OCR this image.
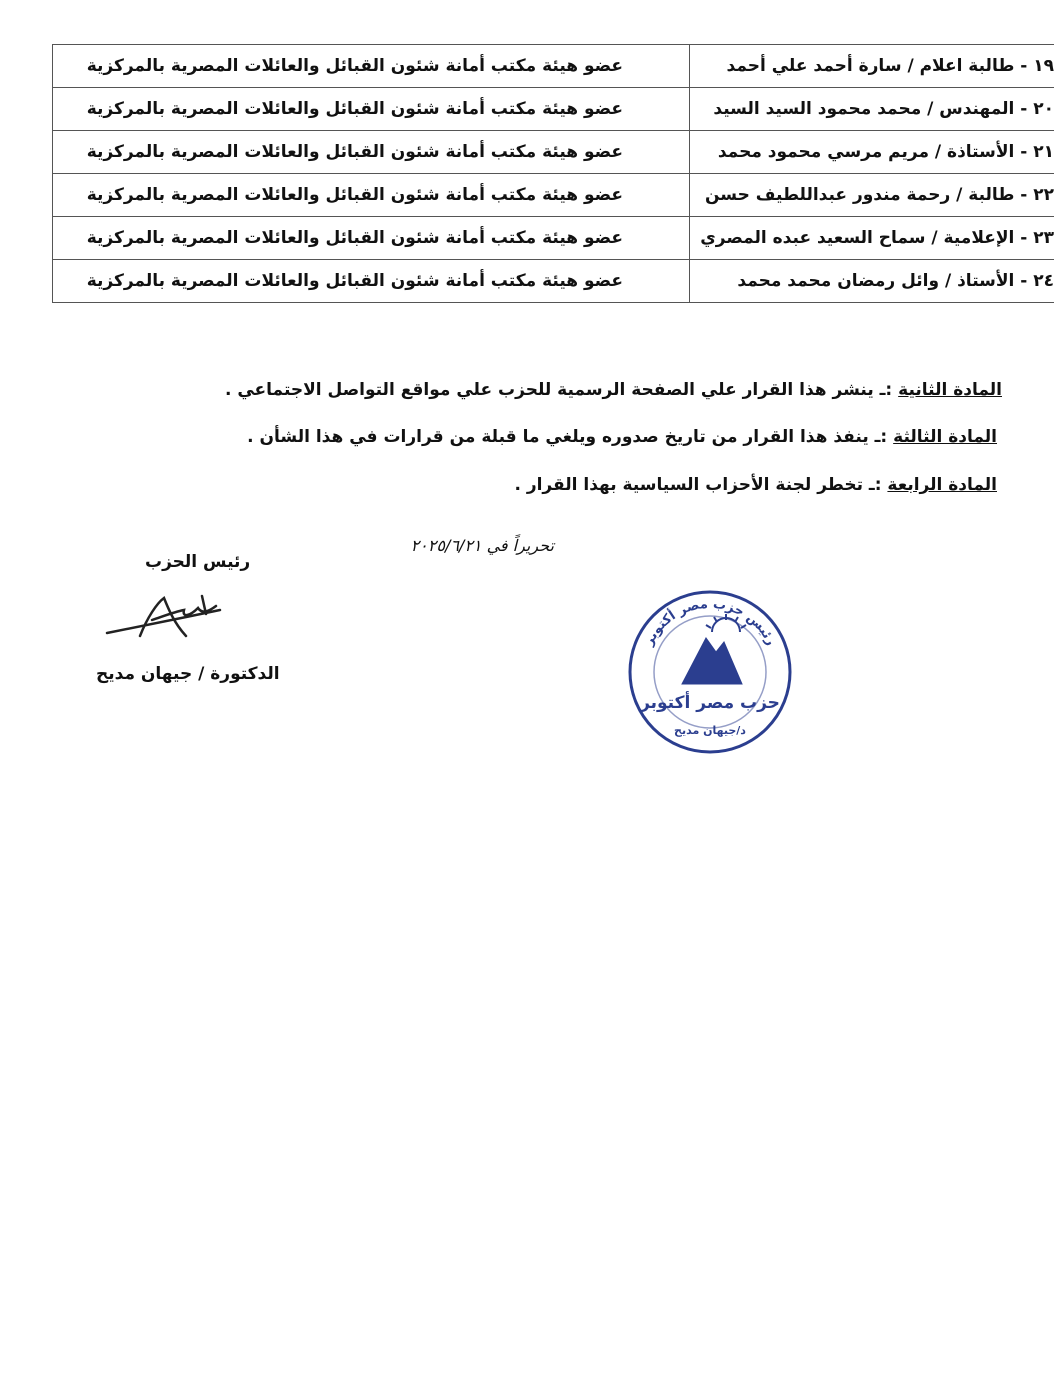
١٩ - طالبة اعلام / سارة أحمد علي أحمد	عضو هيئة مكتب أمانة شئون القبائل والعائلات المصرية بالمركزية
٢٠ - المهندس / محمد محمود السيد السيد	عضو هيئة مكتب أمانة شئون القبائل والعائلات المصرية بالمركزية
٢١ - الأستاذة / مريم مرسي محمود محمد	عضو هيئة مكتب أمانة شئون القبائل والعائلات المصرية بالمركزية
٢٢ - طالبة / رحمة مندور عبداللطيف حسن	عضو هيئة مكتب أمانة شئون القبائل والعائلات المصرية بالمركزية
٢٣ - الإعلامية / سماح السعيد عبده المصري	عضو هيئة مكتب أمانة شئون القبائل والعائلات المصرية بالمركزية
٢٤ - الأستاذ / وائل رمضان محمد محمد	عضو هيئة مكتب أمانة شئون القبائل والعائلات المصرية بالمركزية
المادة الثانية :ـ ينشر هذا القرار علي الصفحة الرسمية للحزب علي مواقع التواصل الاجتماعي .
المادة الثالثة :ـ ينفذ هذا القرار من تاريخ صدوره ويلغي ما قبلة من قرارات في هذا الشأن .
المادة الرابعة :ـ تخطر لجنة الأحزاب السياسية بهذا القرار .
تحريراً في ٢٠٢٥/٦/٢١
رئيس الحزب
الدكتورة / جيهان مديح
رئيس حزب مصر أكتوبر
حزب مصر أكتوبر
د/جيهان مديح
